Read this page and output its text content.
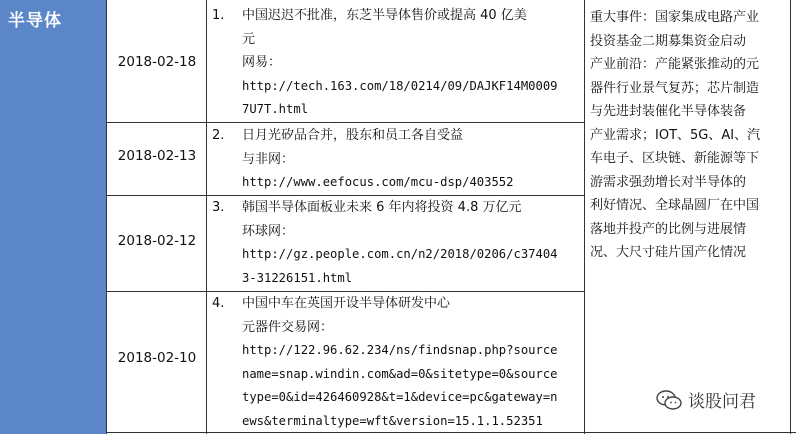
半导体
2018-02-18
1. 中国迟迟不批准，东芝半导体售价或提高 40 亿美
元
网易：
http://tech.163.com/18/0214/09/DAJKF14M0009
7U7T.html
2018-02-13
2. 日月光矽品合并，股东和员工各自受益
与非网：
http://www.eefocus.com/mcu-dsp/403552
2018-02-12
3. 韩国半导体面板业未来 6 年内将投资 4.8 万亿元
环球网：
http://gz.people.com.cn/n2/2018/0206/c37404
3-31226151.html
2018-02-10
4. 中国中车在英国开设半导体研发中心
元器件交易网：
http://122.96.62.234/ns/findsnap.php?source
name=snap.windin.com&ad=0&sitetype=0&source
type=0&id=426460928&t=1&device=pc&gateway=n
ews&terminaltype=wft&version=15.1.1.52351
重大事件：国家集成电路产业
投资基金二期募集资金启动
产业前沿：产能紧张推动的元
器件行业景气复苏；芯片制造
与先进封装催化半导体装备
产业需求；IOT、5G、AI、汽
车电子、区块链、新能源等下
游需求强劲增长对半导体的
利好情况、全球晶圆厂在中国
落地并投产的比例与进展情
况、大尺寸硅片国产化情况
谈股问君
